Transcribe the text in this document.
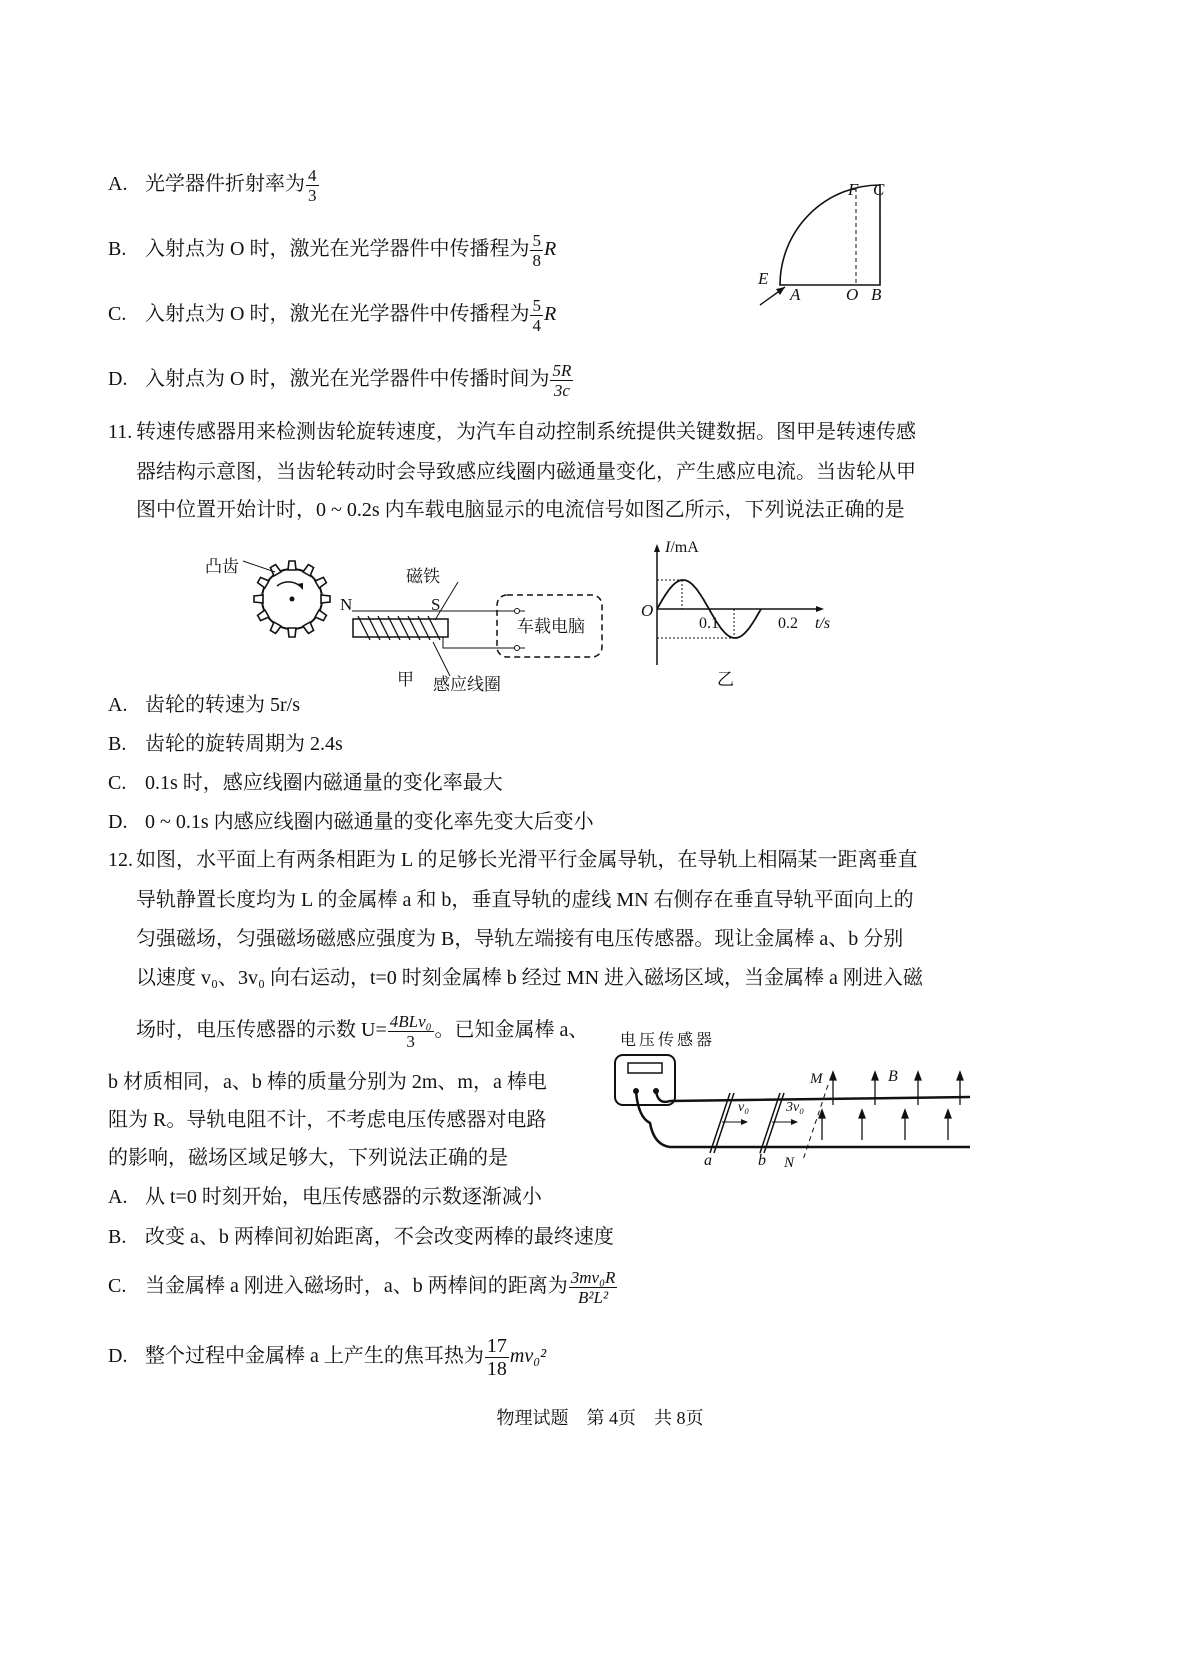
A. 光学器件折射率为 $\frac{4}{3}$
B. 入射点为 O 时，激光在光学器件中传播程为 $\frac{5}{8}$ R
C. 入射点为 O 时，激光在光学器件中传播程为 $\frac{5}{4}$ R
D. 入射点为 O 时，激光在光学器件中传播时间为 $\frac{5R}{3c}$
F C
E
A	O B
11. 转速传感器用来检测齿轮旋转速度，为汽车自动控制系统提供关键数据。图甲是转速传感
器结构示意图，当齿轮转动时会导致感应线圈内磁通量变化，产生感应电流。当齿轮从甲
图中位置开始计时，0 ~ 0.2s 内车载电脑显示的电流信号如图乙所示，下列说法正确的是
凸齿
磁铁
N	S
感应线圈
车载电脑
I/mA
O
0.1	0.2 t/s
甲	乙
A. 齿轮的转速为 5r/s
B. 齿轮的旋转周期为 2.4s
C. 0.1s 时，感应线圈内磁通量的变化率最大
D. 0 ~ 0.1s 内感应线圈内磁通量的变化率先变大后变小
12. 如图，水平面上有两条相距为 L 的足够长光滑平行金属导轨，在导轨上相隔某一距离垂直
导轨静置长度均为 L 的金属棒 a 和 b，垂直导轨的虚线 MN 右侧存在垂直导轨平面向上的
匀强磁场，匀强磁场磁感应强度为 B，导轨左端接有电压传感器。现让金属棒 a、b 分别
以速度 v₀、3v₀ 向右运动，t=0 时刻金属棒 b 经过 MN 进入磁场区域，当金属棒 a 刚进入磁
场时，电压传感器的示数 $U= \frac{\text{4BLv₀}}{3}$ 。已知金属棒 a、
b 材质相同，a、b 棒的质量分别为 2m、m，a 棒电
阻为 R。导轨电阻不计，不考虑电压传感器对电路
的影响，磁场区域足够大，下列说法正确的是
电压传感器
v₀	3v₀
a	b
M
N
B
A. 从 t=0 时刻开始，电压传感器的示数逐渐减小
B. 改变 a、b 两棒间初始距离，不会改变两棒的最终速度
C. 当金属棒 a 刚进入磁场时，a、b 两棒间的距离为 $\frac{\text{3mv₀R}}{\text{B²L²}}$
D. 整个过程中金属棒 a 上产生的焦耳热为 $\frac{17}{18} mv_0^2$
物理试题　第 4页　共 8页
